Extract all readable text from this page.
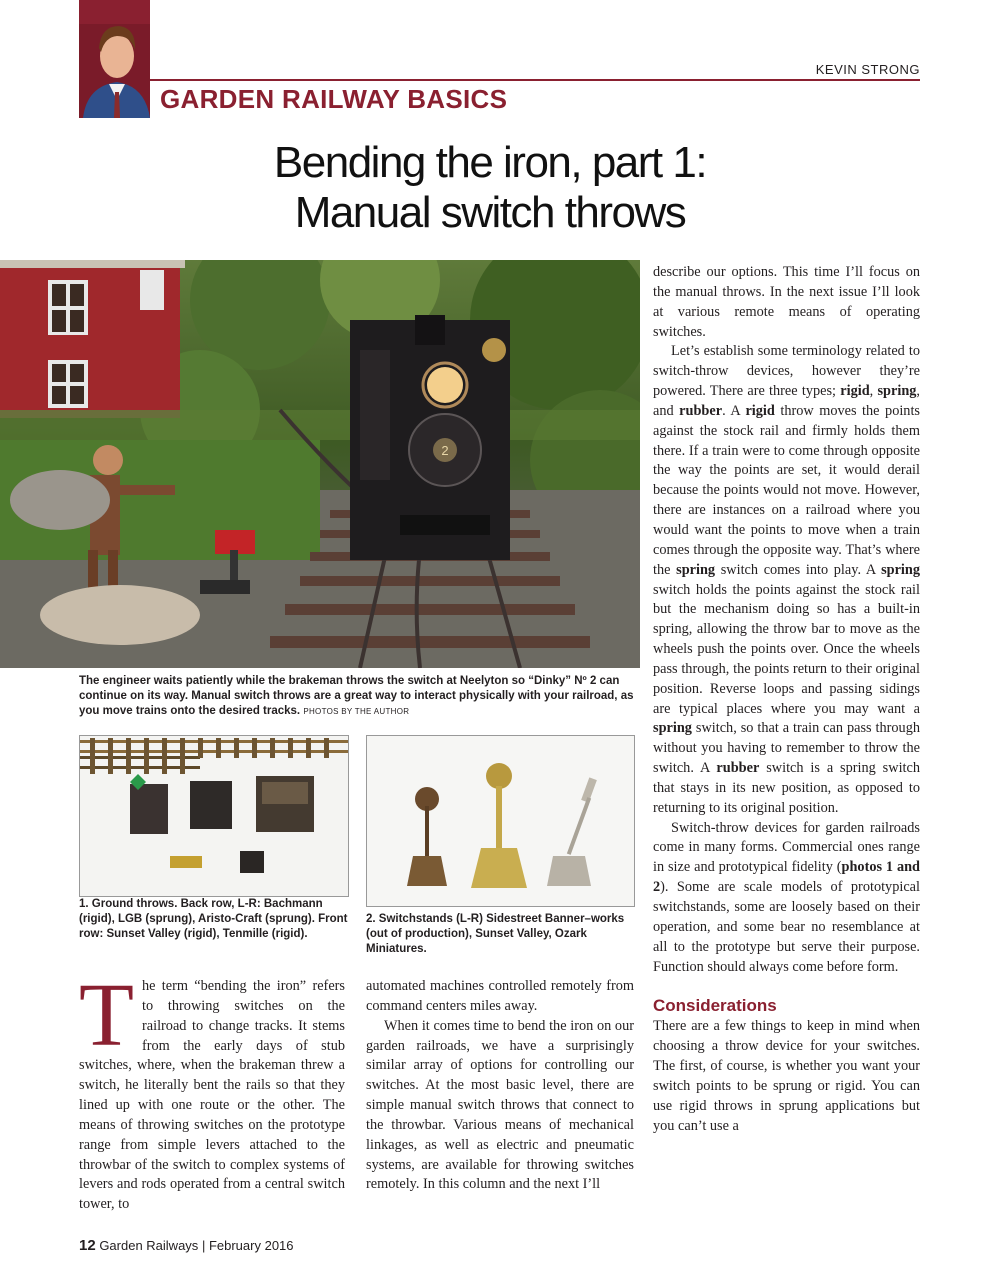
KEVIN STRONG
GARDEN RAILWAY BASICS
Bending the iron, part 1:
Manual switch throws
2
The engineer waits patiently while the brakeman throws the switch at Neelyton so “Dinky” Nº 2 can continue on its way. Manual switch throws are a great way to interact physically with your railroad, as you move trains onto the desired tracks. PHOTOS BY THE AUTHOR
1. Ground throws. Back row, L-R: Bachmann (rigid), LGB (sprung), Aristo-Craft (sprung). Front row: Sunset Valley (rigid), Tenmille (rigid).
2. Switchstands (L-R) Sidestreet Banner–works (out of production), Sunset Valley, Ozark Miniatures.

The term “bending the iron” refers to throwing switches on the railroad to change tracks. It stems from the early days of stub switches, where, when the brakeman threw a switch, he literally bent the rails so that they lined up with one route or the other. The means of throwing switches on the prototype range from simple levers attached to the throwbar of the switch to complex systems of levers and rods operated from a central switch tower, to

automated machines controlled remotely from command centers miles away.

When it comes time to bend the iron on our garden railroads, we have a surprisingly similar array of options for controlling our switches. At the most basic level, there are simple manual switch throws that connect to the throwbar. Various means of mechanical linkages, as well as electric and pneumatic systems, are available for throwing switches remotely. In this column and the next I’ll

describe our options. This time I’ll focus on the manual throws. In the next issue I’ll look at various remote means of operating switches.

Let’s establish some terminology related to switch-throw devices, however they’re powered. There are three types; rigid, spring, and rubber. A rigid throw moves the points against the stock rail and firmly holds them there. If a train were to come through opposite the way the points are set, it would derail because the points would not move. However, there are instances on a railroad where you would want the points to move when a train comes through the opposite way. That’s where the spring switch comes into play. A spring switch holds the points against the stock rail but the mechanism doing so has a built-in spring, allowing the throw bar to move as the wheels push the points over. Once the wheels pass through, the points return to their original position. Reverse loops and passing sidings are typical places where you may want a spring switch, so that a train can pass through without you having to remember to throw the switch. A rubber switch is a spring switch that stays in its new position, as opposed to returning to its original position.

Switch-throw devices for garden railroads come in many forms. Commercial ones range in size and prototypical fidelity (photos 1 and 2). Some are scale models of prototypical switchstands, some are loosely based on their operation, and some bear no resemblance at all to the prototype but serve their purpose. Function should always come before form.

Considerations

There are a few things to keep in mind when choosing a throw device for your switches. The first, of course, is whether you want your switch points to be sprung or rigid. You can use rigid throws in sprung applications but you can’t use a

12 Garden Railways | February 2016
